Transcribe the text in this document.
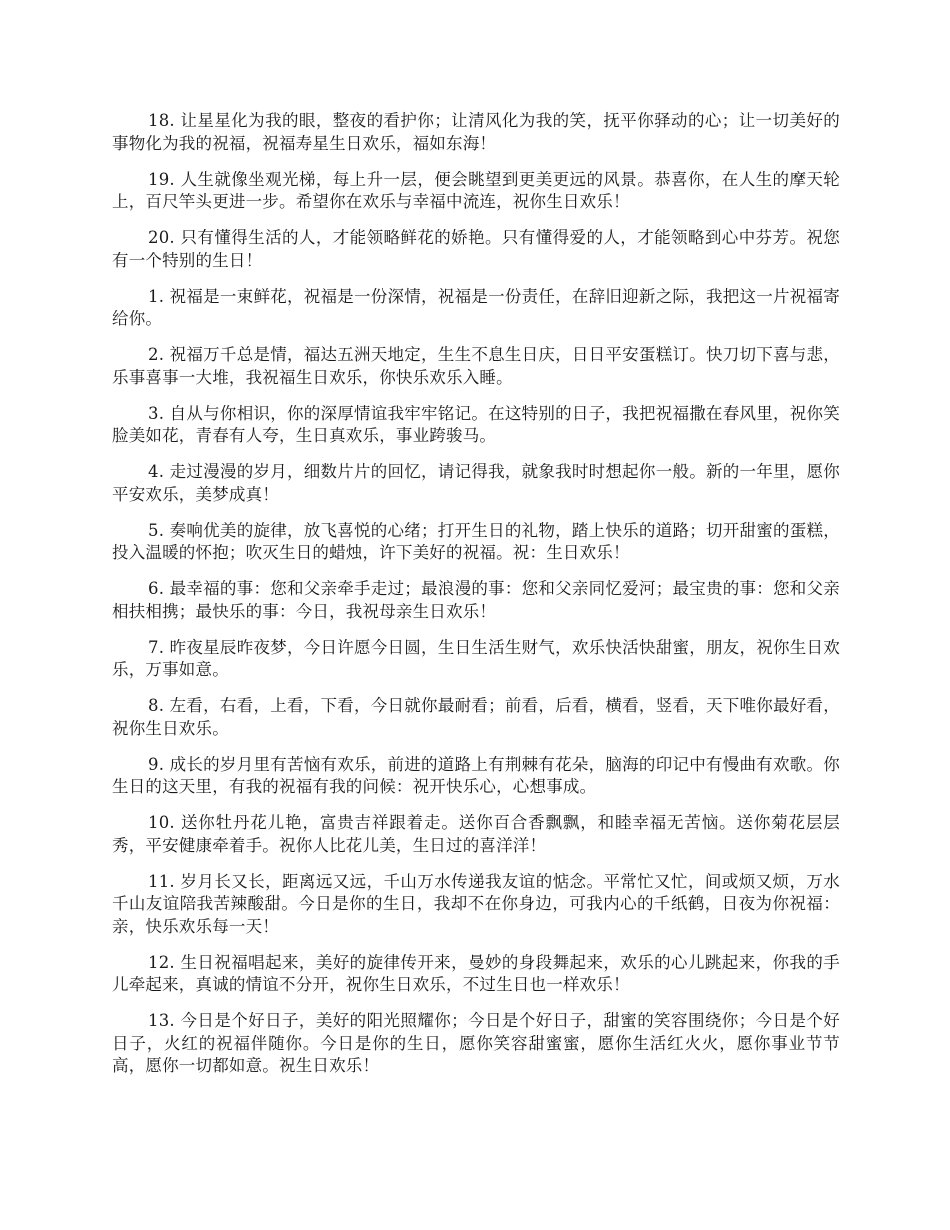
18. 让星星化为我的眼，整夜的看护你；让清风化为我的笑，抚平你驿动的心；让一切美好的事物化为我的祝福，祝福寿星生日欢乐，福如东海！

19. 人生就像坐观光梯，每上升一层，便会眺望到更美更远的风景。恭喜你，在人生的摩天轮上，百尺竿头更进一步。希望你在欢乐与幸福中流连，祝你生日欢乐！

20. 只有懂得生活的人，才能领略鲜花的娇艳。只有懂得爱的人，才能领略到心中芬芳。祝您有一个特别的生日！

1. 祝福是一束鲜花，祝福是一份深情，祝福是一份责任，在辞旧迎新之际，我把这一片祝福寄给你。

2. 祝福万千总是情，福达五洲天地定，生生不息生日庆，日日平安蛋糕订。快刀切下喜与悲，乐事喜事一大堆，我祝福生日欢乐，你快乐欢乐入睡。

3. 自从与你相识，你的深厚情谊我牢牢铭记。在这特别的日子，我把祝福撒在春风里，祝你笑脸美如花，青春有人夸，生日真欢乐，事业跨骏马。

4. 走过漫漫的岁月，细数片片的回忆，请记得我，就象我时时想起你一般。新的一年里，愿你平安欢乐，美梦成真！

5. 奏响优美的旋律，放飞喜悦的心绪；打开生日的礼物，踏上快乐的道路；切开甜蜜的蛋糕，投入温暖的怀抱；吹灭生日的蜡烛，许下美好的祝福。祝：生日欢乐！

6. 最幸福的事：您和父亲牵手走过；最浪漫的事：您和父亲同忆爱河；最宝贵的事：您和父亲相扶相携；最快乐的事：今日，我祝母亲生日欢乐！

7. 昨夜星辰昨夜梦，今日许愿今日圆，生日生活生财气，欢乐快活快甜蜜，朋友，祝你生日欢乐，万事如意。

8. 左看，右看，上看，下看，今日就你最耐看；前看，后看，横看，竖看，天下唯你最好看，祝你生日欢乐。

9. 成长的岁月里有苦恼有欢乐，前进的道路上有荆棘有花朵，脑海的印记中有慢曲有欢歌。你生日的这天里，有我的祝福有我的问候：祝开快乐心，心想事成。

10. 送你牡丹花儿艳，富贵吉祥跟着走。送你百合香飘飘，和睦幸福无苦恼。送你菊花层层秀，平安健康牵着手。祝你人比花儿美，生日过的喜洋洋！

11. 岁月长又长，距离远又远，千山万水传递我友谊的惦念。平常忙又忙，间或烦又烦，万水千山友谊陪我苦辣酸甜。今日是你的生日，我却不在你身边，可我内心的千纸鹤，日夜为你祝福：亲，快乐欢乐每一天！

12. 生日祝福唱起来，美好的旋律传开来，曼妙的身段舞起来，欢乐的心儿跳起来，你我的手儿牵起来，真诚的情谊不分开，祝你生日欢乐，不过生日也一样欢乐！

13. 今日是个好日子，美好的阳光照耀你；今日是个好日子，甜蜜的笑容围绕你；今日是个好日子，火红的祝福伴随你。今日是你的生日，愿你笑容甜蜜蜜，愿你生活红火火，愿你事业节节高，愿你一切都如意。祝生日欢乐！
